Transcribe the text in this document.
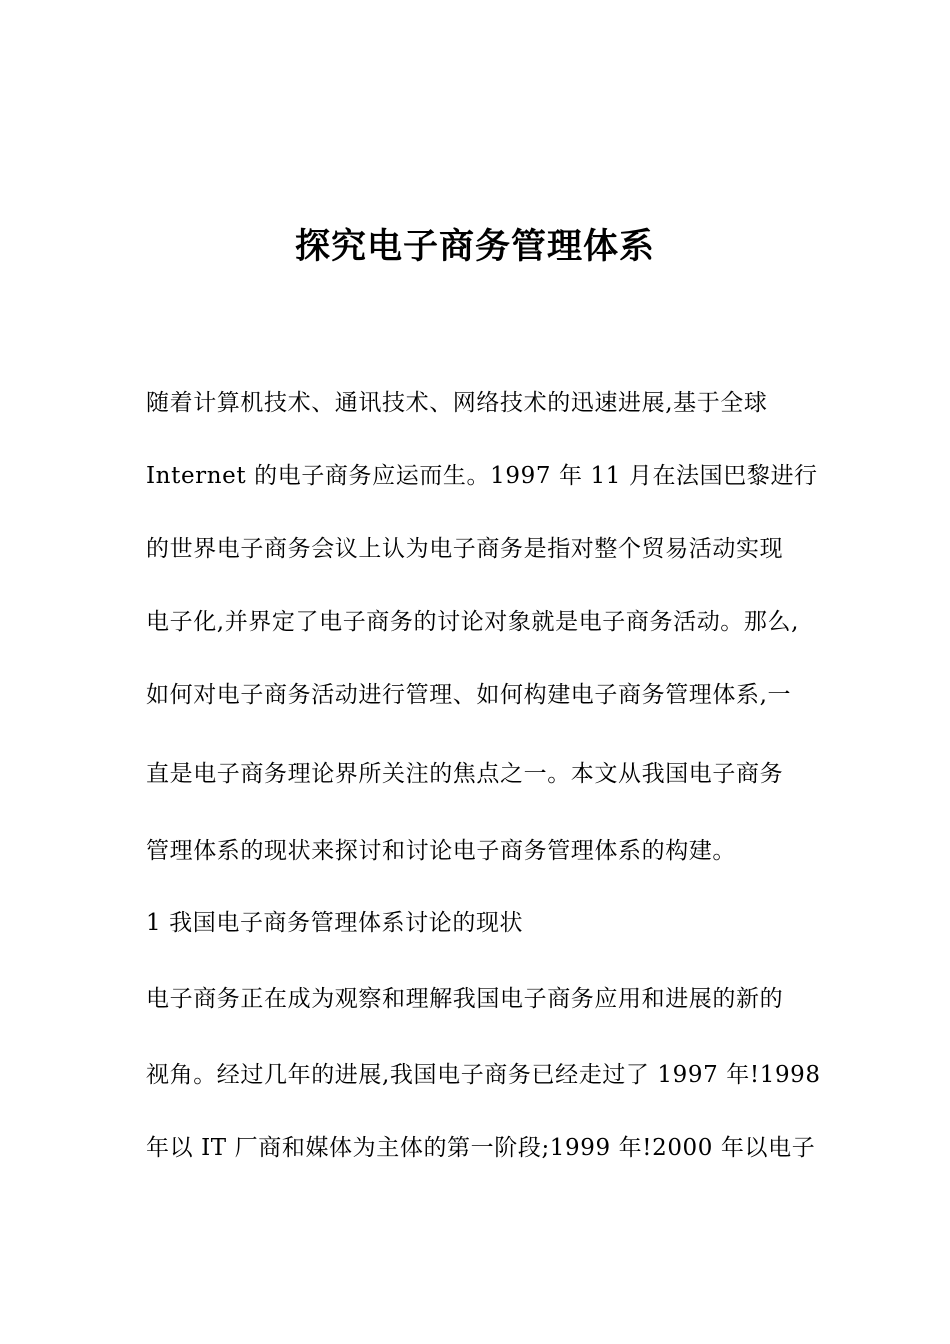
探究电子商务管理体系
随着计算机技术、通讯技术、网络技术的迅速进展,基于全球
Internet 的电子商务应运而生。1997 年 11 月在法国巴黎进行
的世界电子商务会议上认为电子商务是指对整个贸易活动实现
电子化,并界定了电子商务的讨论对象就是电子商务活动。那么,
如何对电子商务活动进行管理、如何构建电子商务管理体系,一
直是电子商务理论界所关注的焦点之一。本文从我国电子商务
管理体系的现状来探讨和讨论电子商务管理体系的构建。
1 我国电子商务管理体系讨论的现状
电子商务正在成为观察和理解我国电子商务应用和进展的新的
视角。经过几年的进展,我国电子商务已经走过了 1997 年!1998
年以 IT 厂商和媒体为主体的第一阶段;1999 年!2000 年以电子
